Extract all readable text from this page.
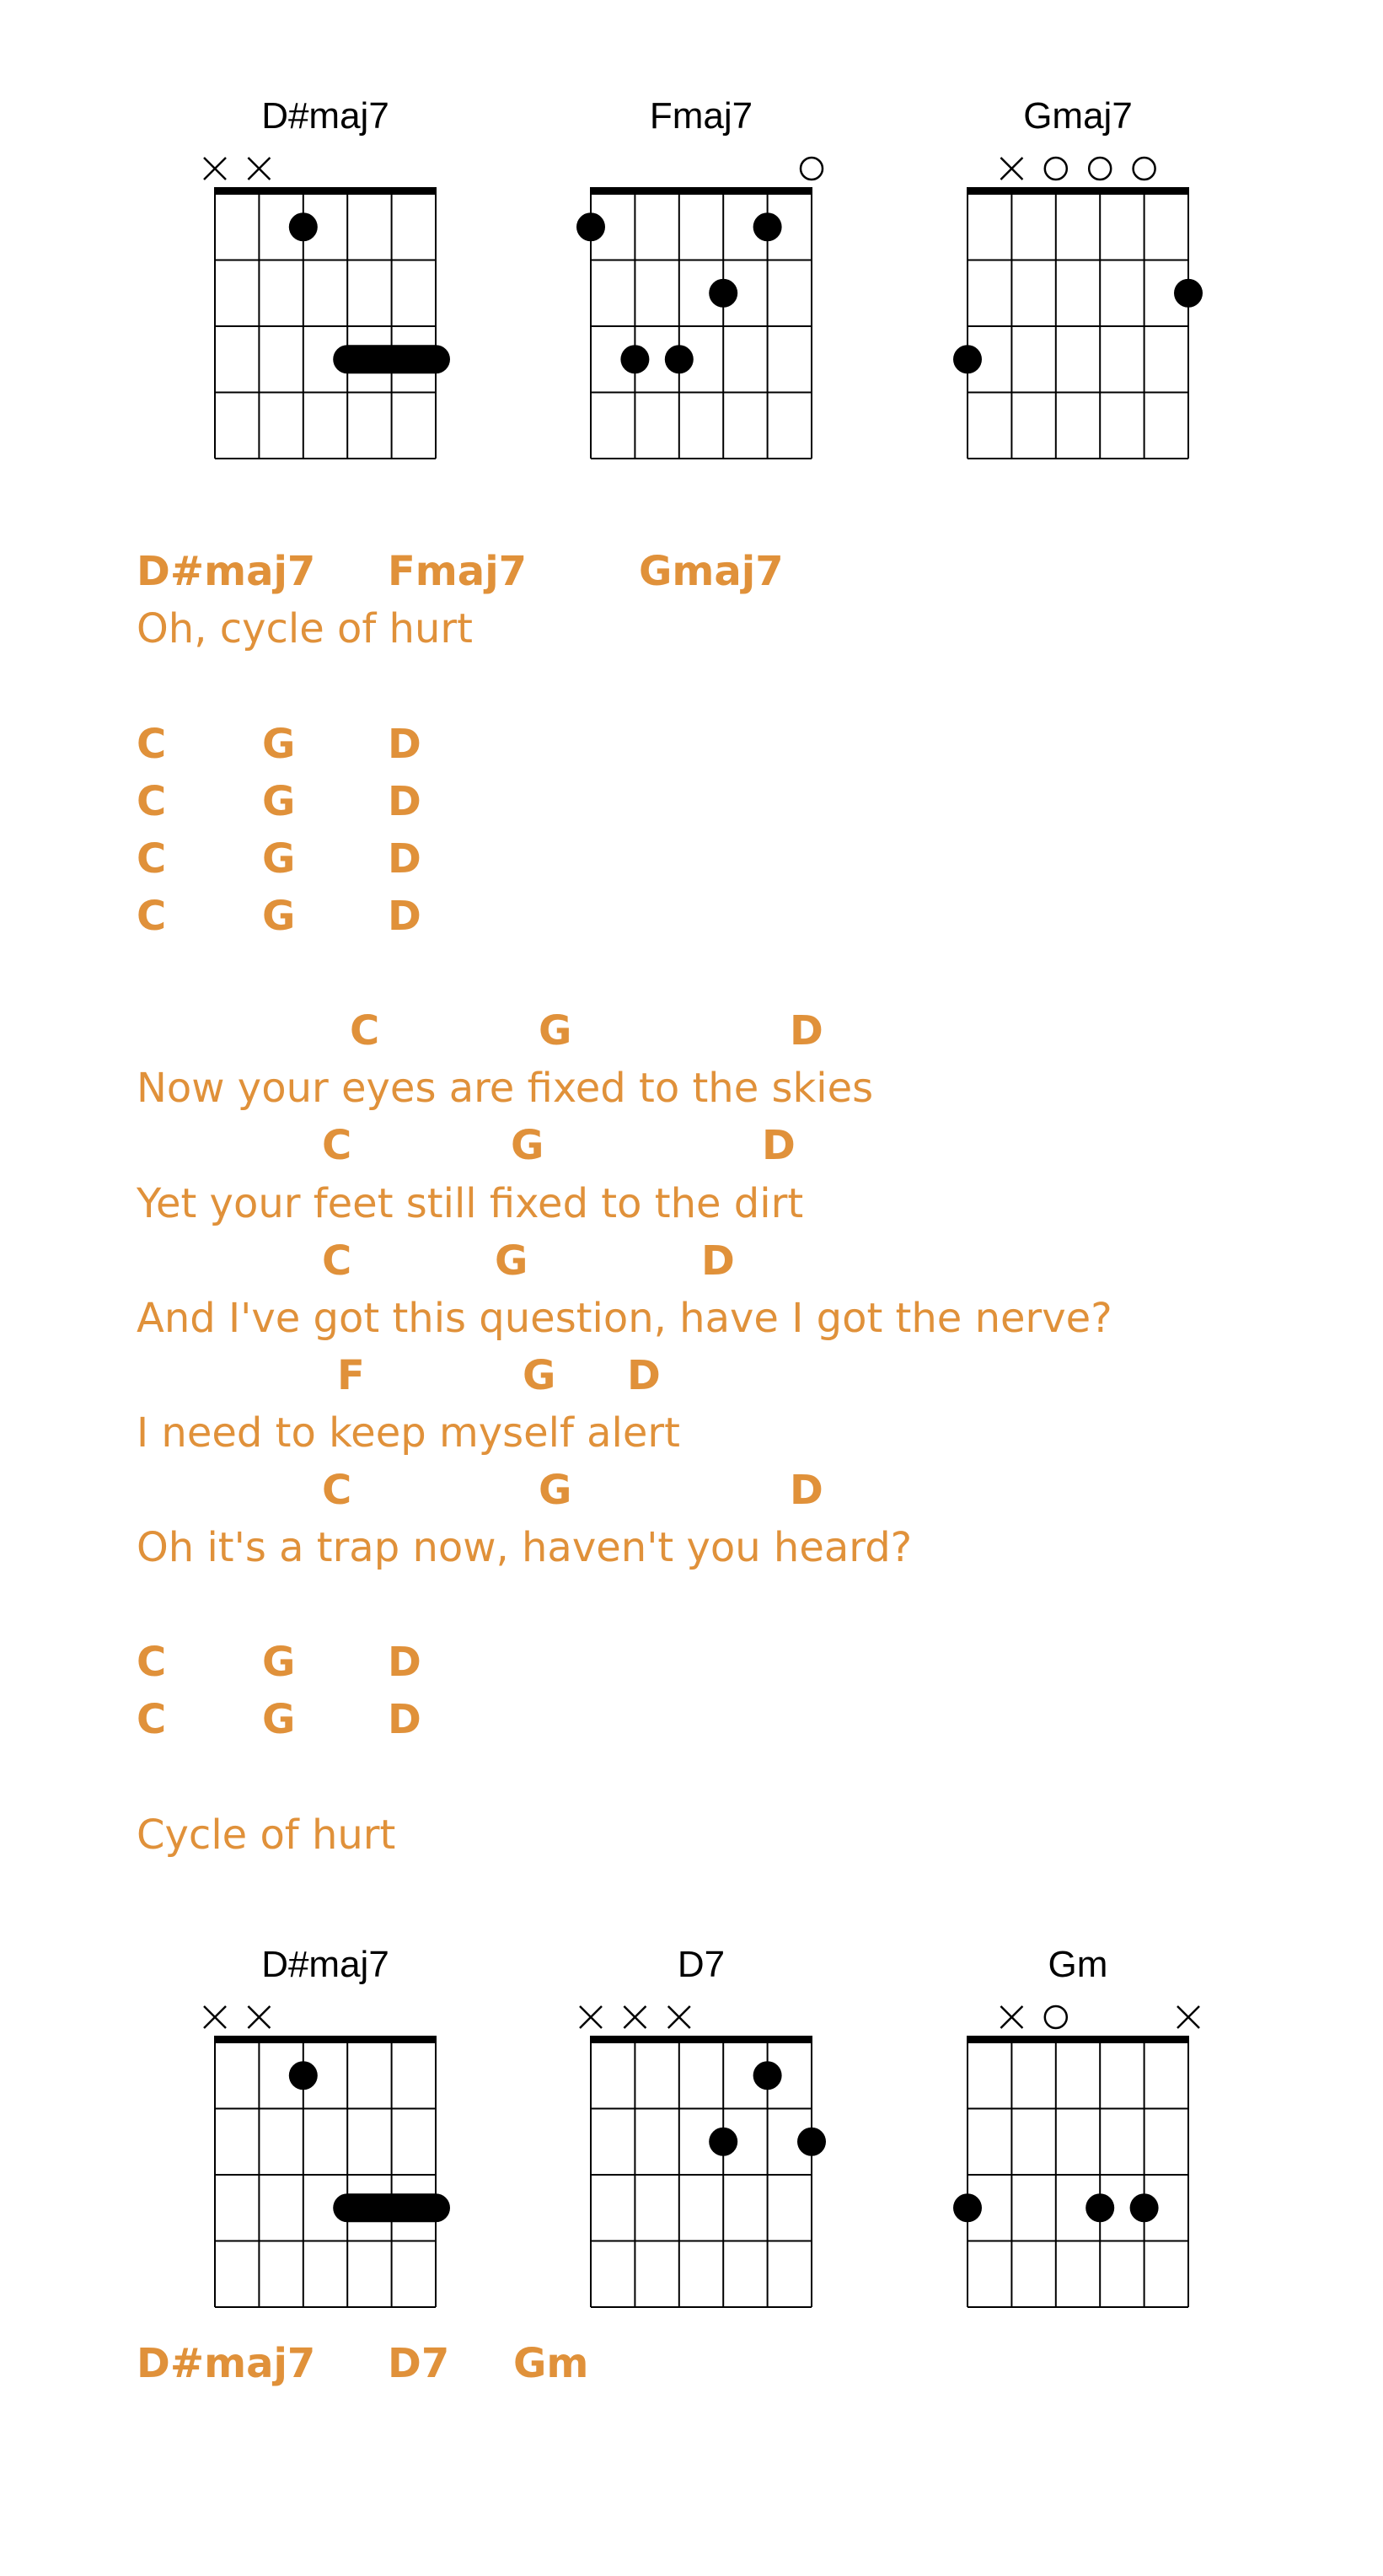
D#maj7	Fmaj7	Gmaj7

D#maj7

Fmaj7

	Gmaj7

Oh, cycle of hurt

C

G

D

C

G

D

C

G

D

C

G

D

C

	G

	D

Now your eyes are fixed to the skies

C

	G

	D

Yet your feet still fixed to the dirt

C

	G

	D

And I've got this question, have I got the nerve?

F

	G

D

I need to keep myself alert

C

	G

	D

Oh it's a trap now, haven't you heard?

C

G

D

C

G

D

Cycle of hurt
D#maj7	D7	Gm

D#maj7

D7

Gm
